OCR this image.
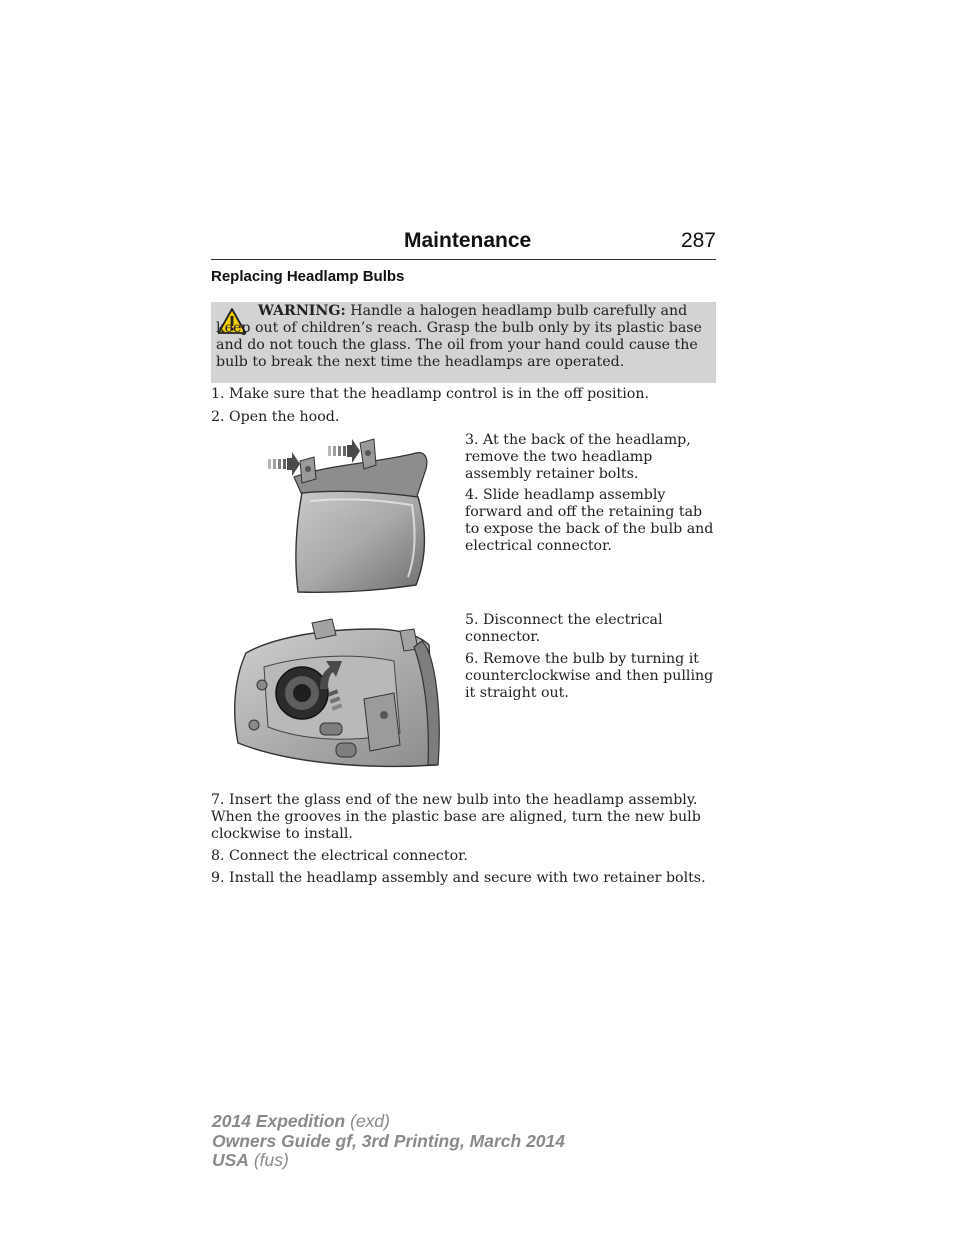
Maintenance	287
Replacing Headlamp Bulbs

WARNING: Handle a halogen headlamp bulb carefully and keep out of children’s reach. Grasp the bulb only by its plastic base and do not touch the glass. The oil from your hand could cause the bulb to break the next time the headlamps are operated.

1. Make sure that the headlamp control is in the off position.

2. Open the hood.

3. At the back of the headlamp, remove the two headlamp assembly retainer bolts.

4. Slide headlamp assembly forward and off the retaining tab to expose the back of the bulb and electrical connector.

5. Disconnect the electrical connector.

6. Remove the bulb by turning it counterclockwise and then pulling it straight out.

7. Insert the glass end of the new bulb into the headlamp assembly. When the grooves in the plastic base are aligned, turn the new bulb clockwise to install.

8. Connect the electrical connector.

9. Install the headlamp assembly and secure with two retainer bolts.

2014 Expedition (exd)
Owners Guide gf, 3rd Printing, March 2014
USA (fus)
